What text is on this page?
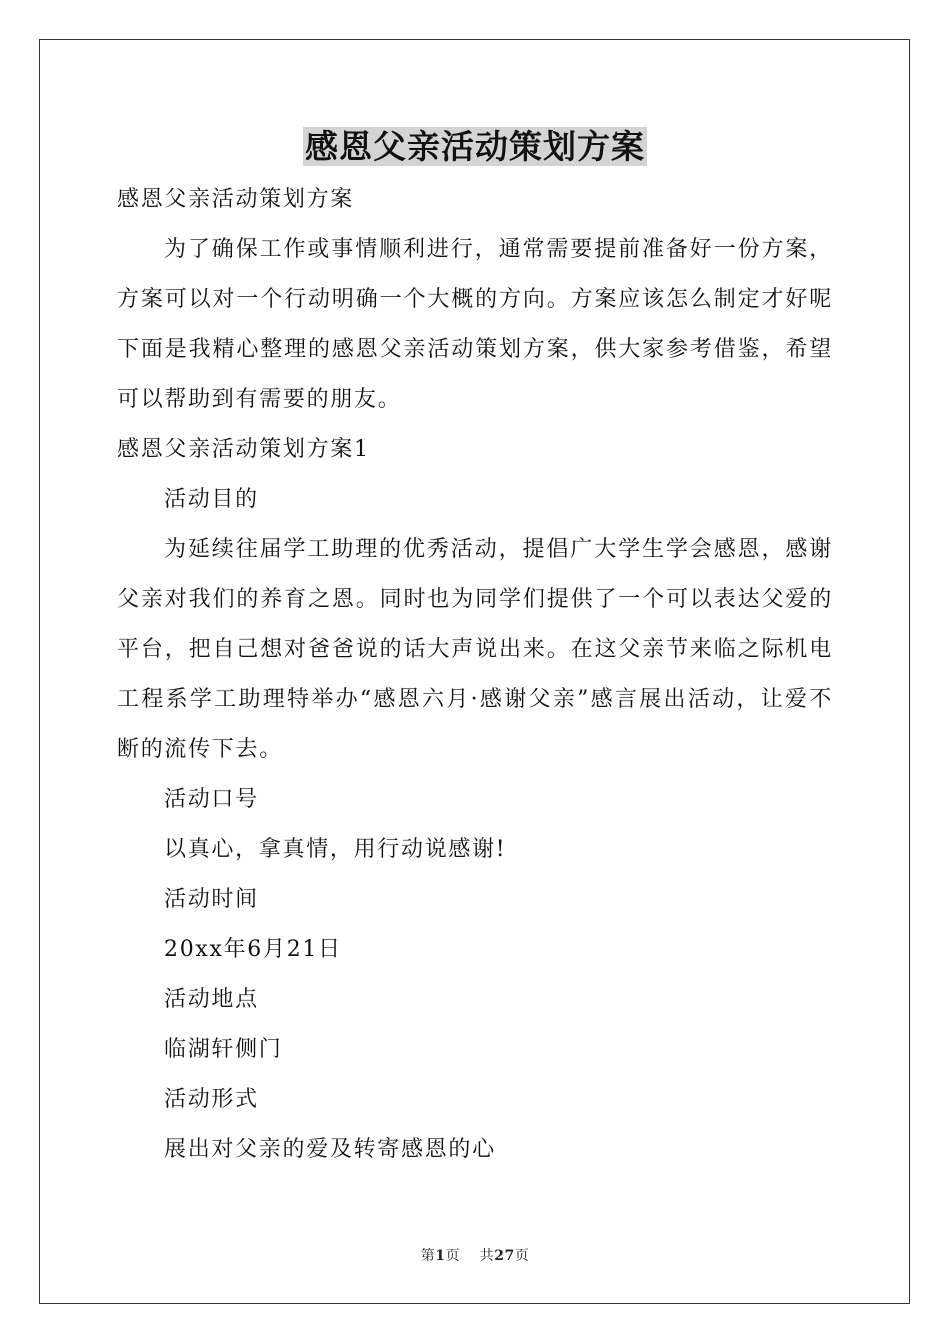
感恩父亲活动策划方案

感恩父亲活动策划方案

为了确保工作或事情顺利进行，通常需要提前准备好一份方案，方案可以对一个行动明确一个大概的方向。方案应该怎么制定才好呢下面是我精心整理的感恩父亲活动策划方案，供大家参考借鉴，希望可以帮助到有需要的朋友。

感恩父亲活动策划方案1

活动目的

为延续往届学工助理的优秀活动，提倡广大学生学会感恩，感谢父亲对我们的养育之恩。同时也为同学们提供了一个可以表达父爱的平台，把自己想对爸爸说的话大声说出来。在这父亲节来临之际机电工程系学工助理特举办“感恩六月·感谢父亲”感言展出活动，让爱不断的流传下去。

活动口号

以真心，拿真情，用行动说感谢!

活动时间

20xx年6月21日

活动地点

临湖轩侧门

活动形式

展出对父亲的爱及转寄感恩的心

第1页 共27页
